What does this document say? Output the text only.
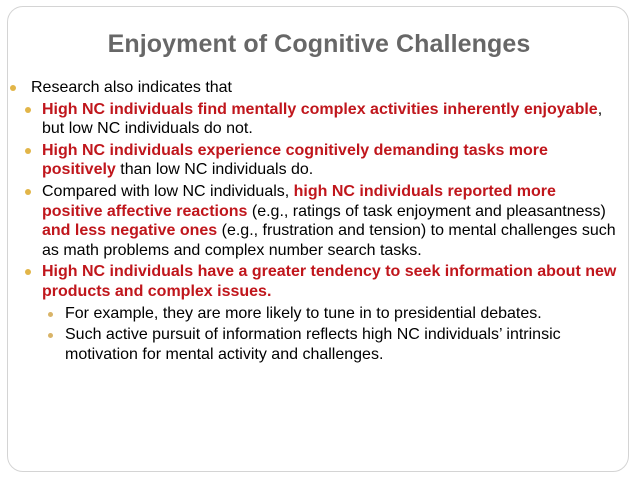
Enjoyment of Cognitive Challenges

Research also indicates that

High NC individuals find mentally complex activities inherently enjoyable, but low NC individuals do not.

High NC individuals experience cognitively demanding tasks more positively than low NC individuals do.

Compared with low NC individuals, high NC individuals reported more positive affective reactions (e.g., ratings of task enjoyment and pleasantness) and less negative ones (e.g., frustration and tension) to mental challenges such as math problems and complex number search tasks.

High NC individuals have a greater tendency to seek information about new products and complex issues.

For example, they are more likely to tune in to presidential debates.

Such active pursuit of information reflects high NC individuals’ intrinsic motivation for mental activity and challenges.
